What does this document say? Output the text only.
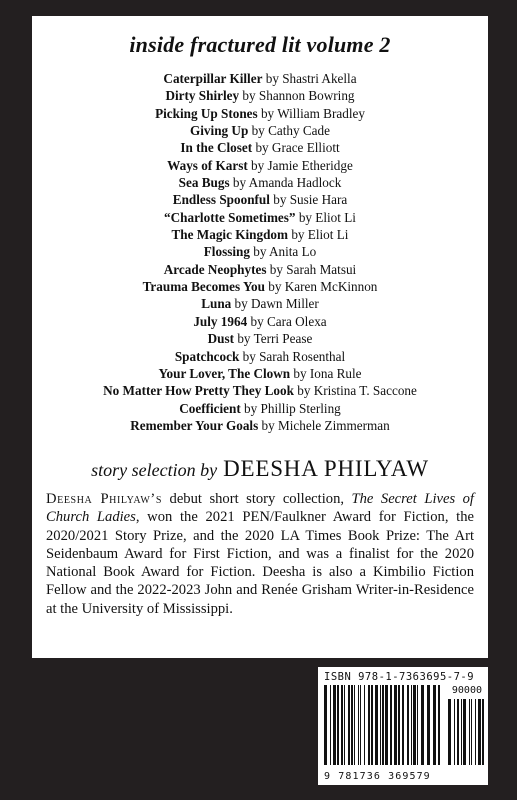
inside fractured lit volume 2
Caterpillar Killer by Shastri Akella
Dirty Shirley by Shannon Bowring
Picking Up Stones by William Bradley
Giving Up by Cathy Cade
In the Closet by Grace Elliott
Ways of Karst by Jamie Etheridge
Sea Bugs by Amanda Hadlock
Endless Spoonful by Susie Hara
“Charlotte Sometimes” by Eliot Li
The Magic Kingdom by Eliot Li
Flossing by Anita Lo
Arcade Neophytes by Sarah Matsui
Trauma Becomes You by Karen McKinnon
Luna by Dawn Miller
July 1964 by Cara Olexa
Dust by Terri Pease
Spatchcock by Sarah Rosenthal
Your Lover, The Clown by Iona Rule
No Matter How Pretty They Look by Kristina T. Saccone
Coefficient by Phillip Sterling
Remember Your Goals by Michele Zimmerman
story selection by DEESHA PHILYAW

Deesha Philyaw’s debut short story collection, The Secret Lives of Church Ladies, won the 2021 PEN/Faulkner Award for Fiction, the 2020/2021 Story Prize, and the 2020 LA Times Book Prize: The Art Seidenbaum Award for First Fiction, and was a finalist for the 2020 National Book Award for Fiction. Deesha is also a Kimbilio Fiction Fellow and the 2022-2023 John and Renée Grisham Writer-in-Residence at the University of Mississippi.

ISBN 978-1-7363695-7-9
90000
9 781736 369579
